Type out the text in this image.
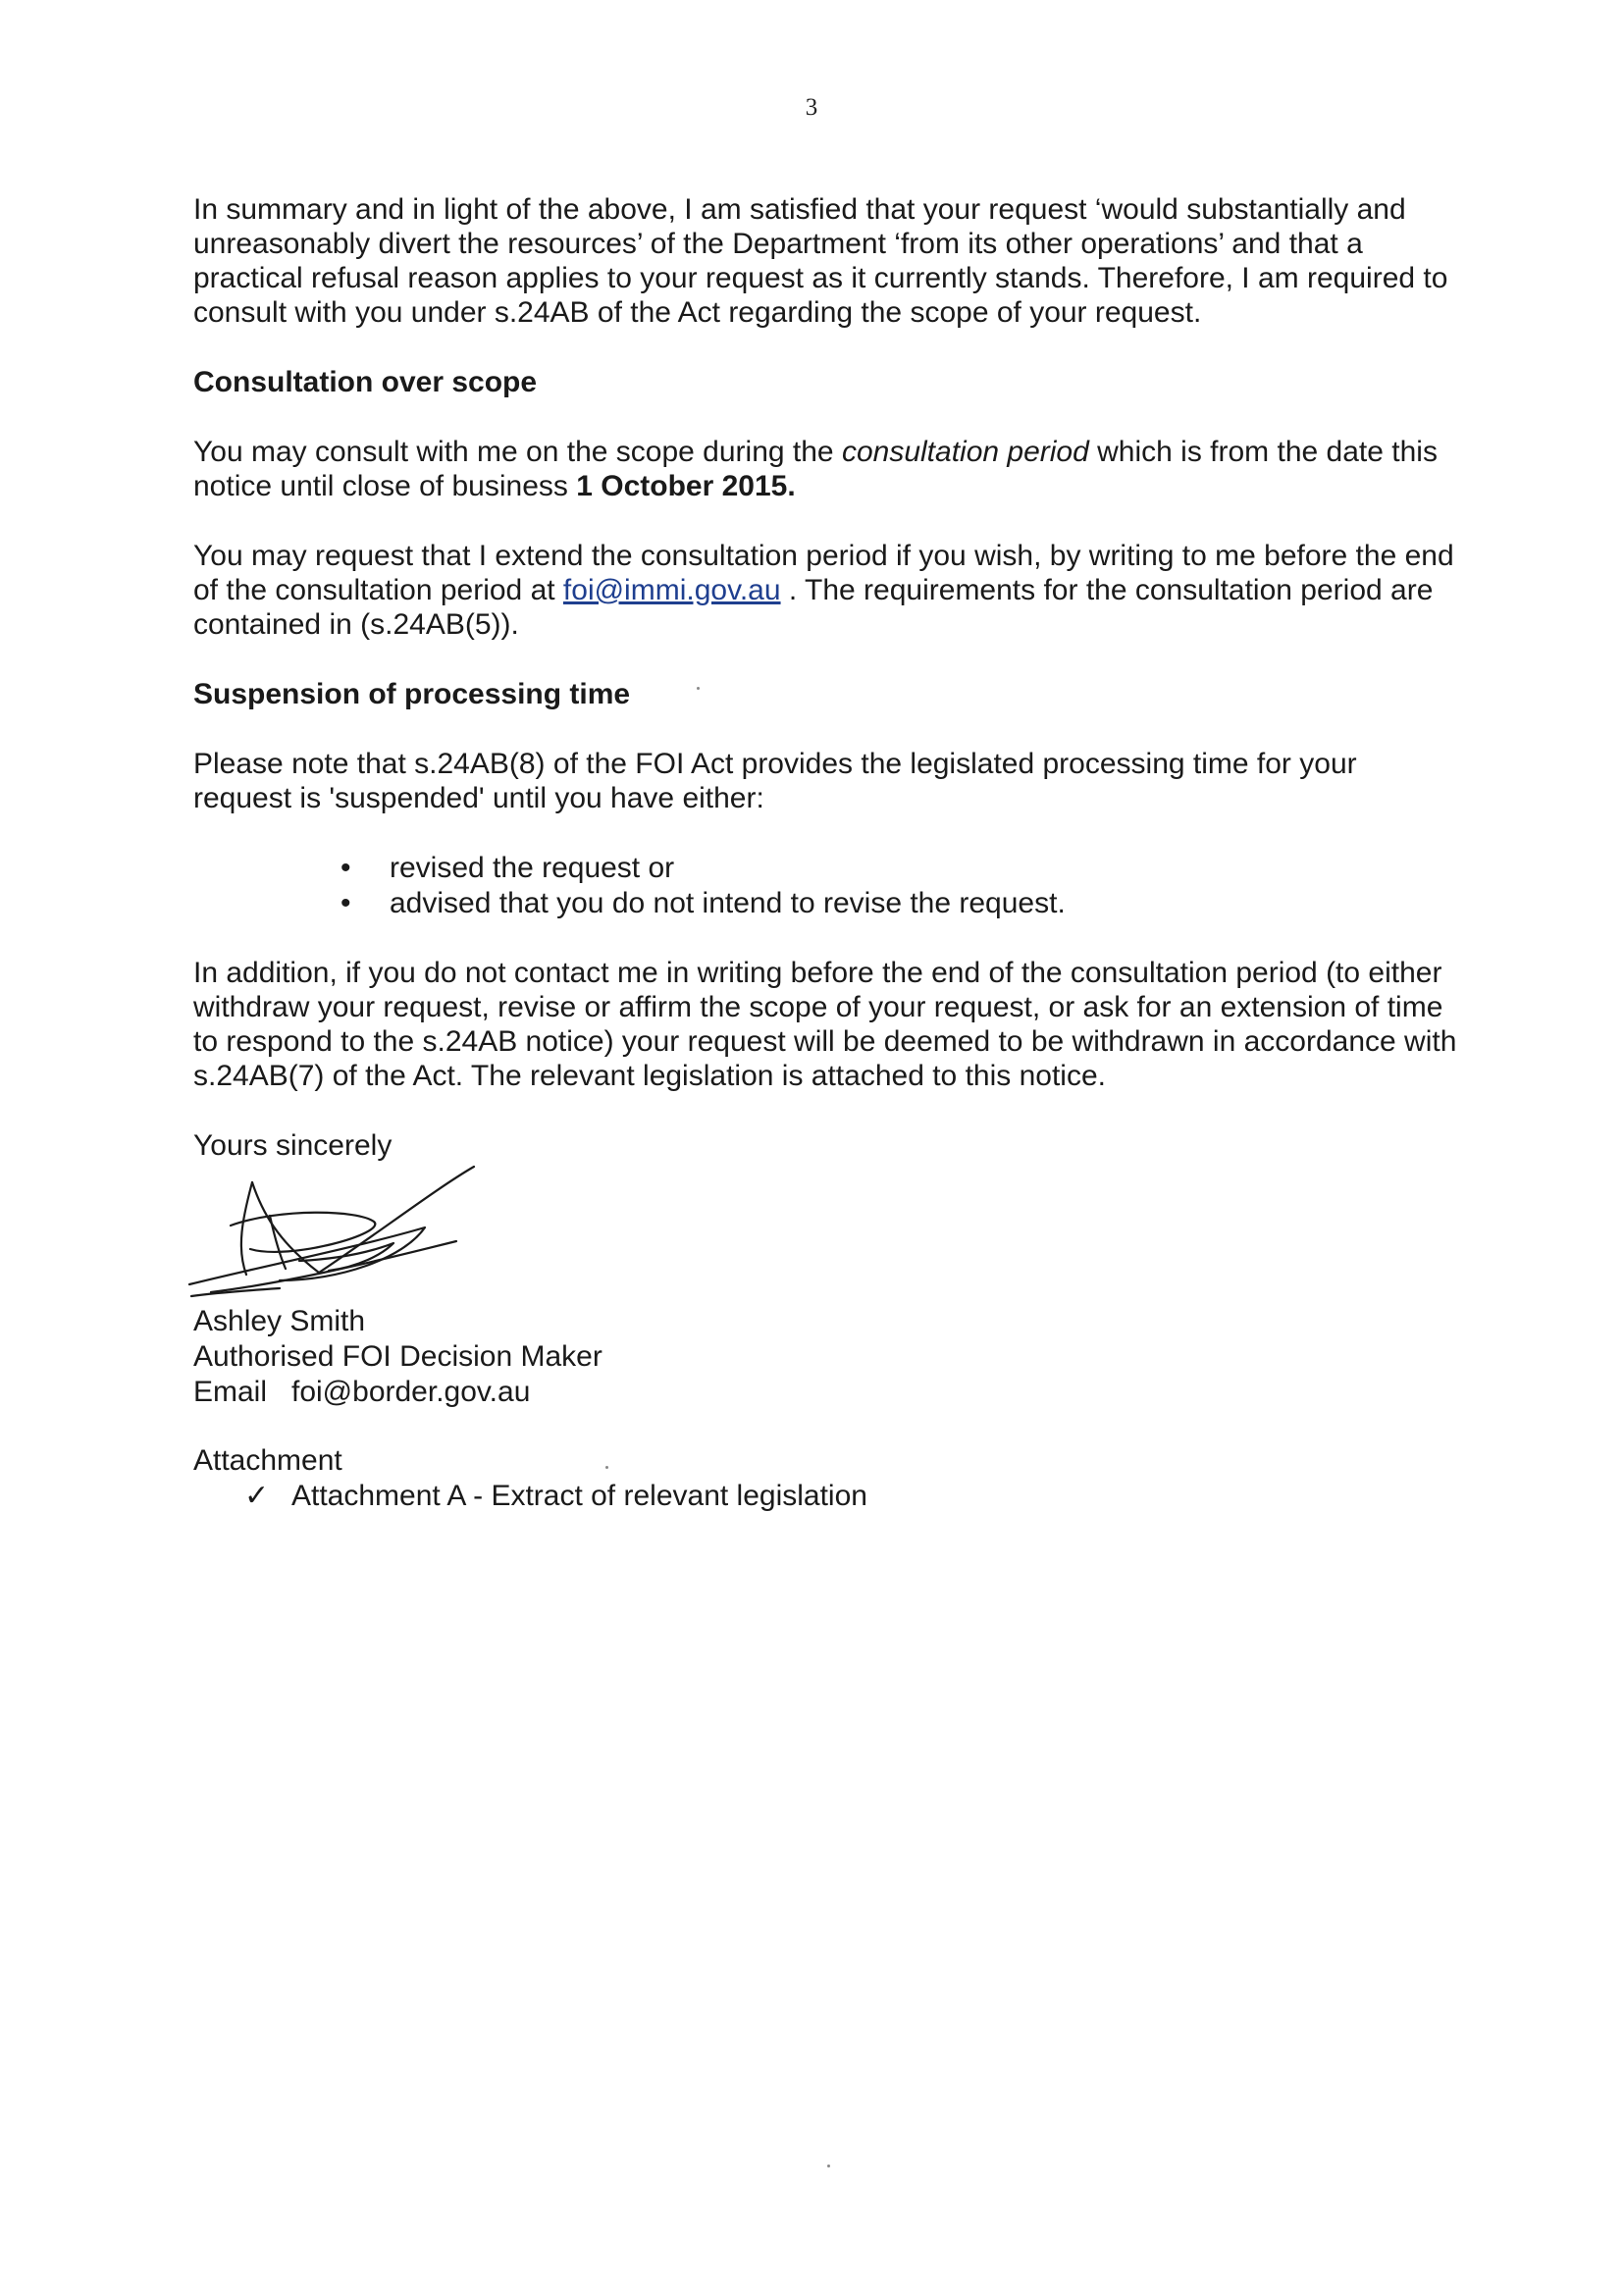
3

In summary and in light of the above, I am satisfied that your request ‘would substantially and unreasonably divert the resources’ of the Department ‘from its other operations’ and that a practical refusal reason applies to your request as it currently stands. Therefore, I am required to consult with you under s.24AB of the Act regarding the scope of your request.

Consultation over scope

You may consult with me on the scope during the consultation period which is from the date this notice until close of business 1 October 2015.

You may request that I extend the consultation period if you wish, by writing to me before the end of the consultation period at foi@immi.gov.au . The requirements for the consultation period are contained in (s.24AB(5)).

Suspension of processing time

Please note that s.24AB(8) of the FOI Act provides the legislated processing time for your request is 'suspended' until you have either:

• revised the request or
• advised that you do not intend to revise the request.

In addition, if you do not contact me in writing before the end of the consultation period (to either withdraw your request, revise or affirm the scope of your request, or ask for an extension of time to respond to the s.24AB notice) your request will be deemed to be withdrawn in accordance with s.24AB(7) of the Act. The relevant legislation is attached to this notice.

Yours sincerely

Ashley Smith

Authorised FOI Decision Maker

Email foi@border.gov.au

Attachment

✓ Attachment A - Extract of relevant legislation
